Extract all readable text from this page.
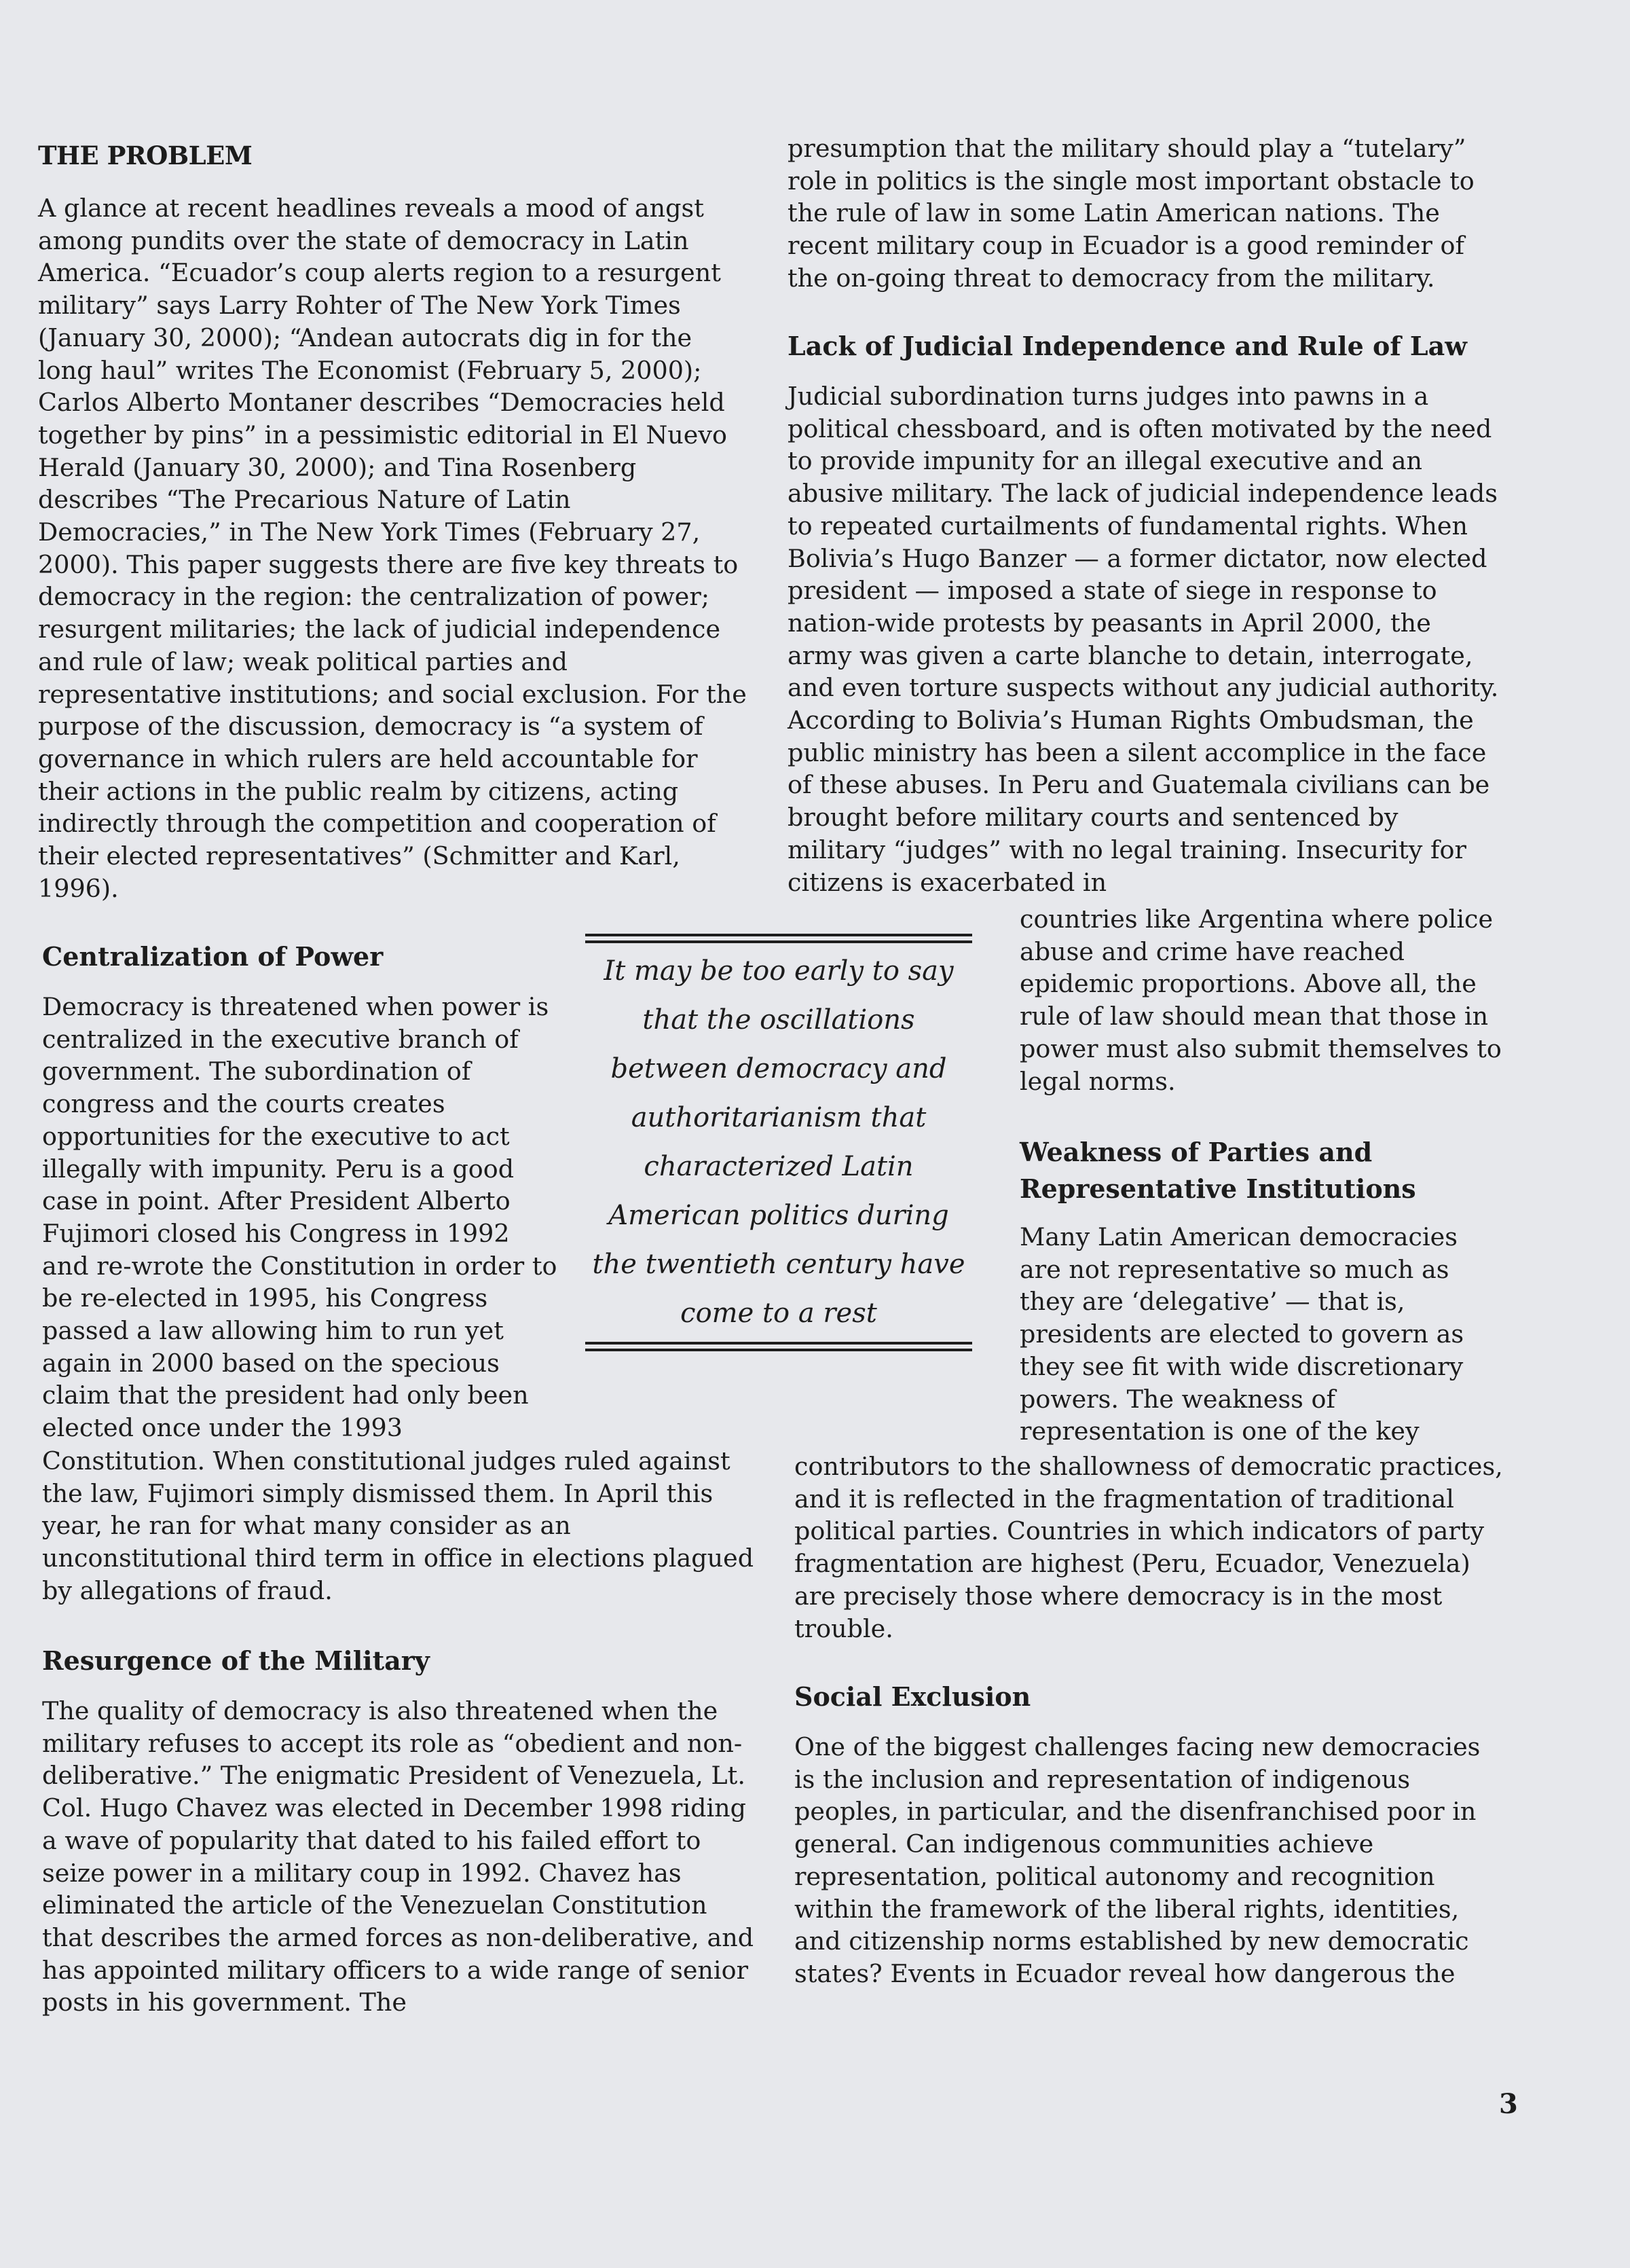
THE PROBLEM

A glance at recent headlines reveals a mood of angst among pundits over the state of democracy in Latin America. “Ecuador’s coup alerts region to a resurgent military” says Larry Rohter of The New York Times (January 30, 2000); “Andean autocrats dig in for the long haul” writes The Economist (February 5, 2000); Carlos Alberto Montaner describes “Democracies held together by pins” in a pessimistic editorial in El Nuevo Herald (January 30, 2000); and Tina Rosenberg describes “The Precarious Nature of Latin Democracies,” in The New York Times (February 27, 2000). This paper suggests there are five key threats to democracy in the region: the centralization of power; resurgent militaries; the lack of judicial independence and rule of law; weak political parties and representative institutions; and social exclusion. For the purpose of the discussion, democracy is “a system of governance in which rulers are held accountable for their actions in the public realm by citizens, acting indirectly through the competition and cooperation of their elected representatives” (Schmitter and Karl, 1996).

Centralization of Power

Democracy is threatened when power is centralized in the executive branch of government. The subordination of congress and the courts creates opportunities for the executive to act illegally with impunity. Peru is a good case in point. After President Alberto Fujimori closed his Congress in 1992 and re-wrote the Constitution in order to be re-elected in 1995, his Congress passed a law allowing him to run yet again in 2000 based on the specious claim that the president had only been elected once under the 1993

Constitution. When constitutional judges ruled against the law, Fujimori simply dismissed them. In April this year, he ran for what many consider as an unconstitutional third term in office in elections plagued by allegations of fraud.

Resurgence of the Military

The quality of democracy is also threatened when the military refuses to accept its role as “obedient and non-deliberative.” The enigmatic President of Venezuela, Lt. Col. Hugo Chavez was elected in December 1998 riding a wave of popularity that dated to his failed effort to seize power in a military coup in 1992. Chavez has eliminated the article of the Venezuelan Constitution that describes the armed forces as non-deliberative, and has appointed military officers to a wide range of senior posts in his government. The

It may be too early to say that the oscillations between democracy and authoritarianism that characterized Latin American politics during the twentieth century have come to a rest

presumption that the military should play a “tutelary” role in politics is the single most important obstacle to the rule of law in some Latin American nations. The recent military coup in Ecuador is a good reminder of the on-going threat to democracy from the military.

Lack of Judicial Independence and Rule of Law

Judicial subordination turns judges into pawns in a political chessboard, and is often motivated by the need to provide impunity for an illegal executive and an abusive military. The lack of judicial independence leads to repeated curtailments of fundamental rights. When Bolivia’s Hugo Banzer — a former dictator, now elected president — imposed a state of siege in response to nation-wide protests by peasants in April 2000, the army was given a carte blanche to detain, interrogate, and even torture suspects without any judicial authority. According to Bolivia’s Human Rights Ombudsman, the public ministry has been a silent accomplice in the face of these abuses. In Peru and Guatemala civilians can be brought before military courts and sentenced by military “judges” with no legal training. Insecurity for citizens is exacerbated in

countries like Argentina where police abuse and crime have reached epidemic proportions. Above all, the rule of law should mean that those in power must also submit themselves to legal norms.

Weakness of Parties and Representative Institutions

Many Latin American democracies are not representative so much as they are ‘delegative’ — that is, presidents are elected to govern as they see fit with wide discretionary powers. The weakness of representation is one of the key

contributors to the shallowness of democratic practices, and it is reflected in the fragmentation of traditional political parties. Countries in which indicators of party fragmentation are highest (Peru, Ecuador, Venezuela) are precisely those where democracy is in the most trouble.

Social Exclusion

One of the biggest challenges facing new democracies is the inclusion and representation of indigenous peoples, in particular, and the disenfranchised poor in general. Can indigenous communities achieve representation, political autonomy and recognition within the framework of the liberal rights, identities, and citizenship norms established by new democratic states? Events in Ecuador reveal how dangerous the

3
